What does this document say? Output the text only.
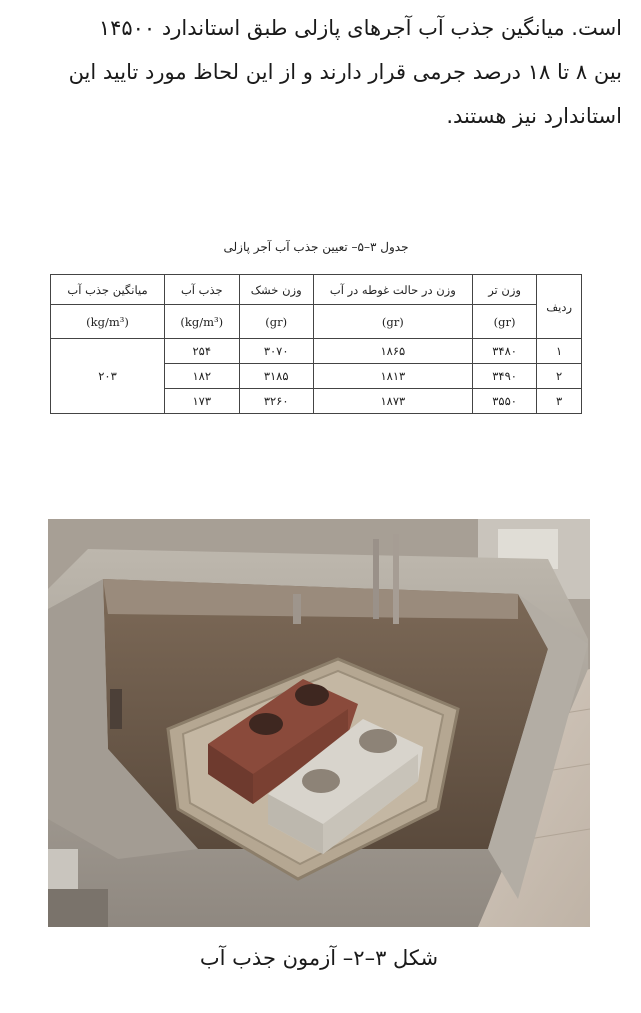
است. میانگین جذب آب آجرهای پازلی طبق استاندارد ۱۴۵۰۰
بین ۸ تا ۱۸ درصد جرمی قرار دارند و از این لحاظ مورد تایید این
استاندارد نیز هستند.
جدول ۳–۵– تعیین جذب آب آجر پازلی
ردیف	وزن تر	وزن در حالت غوطه در آب	وزن خشک	جذب آب	میانگین جذب آب
	(gr)	(gr)	(gr)	(kg/m³)	(kg/m³)
۱	۳۴۸۰	۱۸۶۵	۳۰۷۰	۲۵۴	۲۰۳
۲	۳۴۹۰	۱۸۱۳	۳۱۸۵	۱۸۲	
۳	۳۵۵۰	۱۸۷۳	۳۲۶۰	۱۷۳	
شکل ۳–۲– آزمون جذب آب
